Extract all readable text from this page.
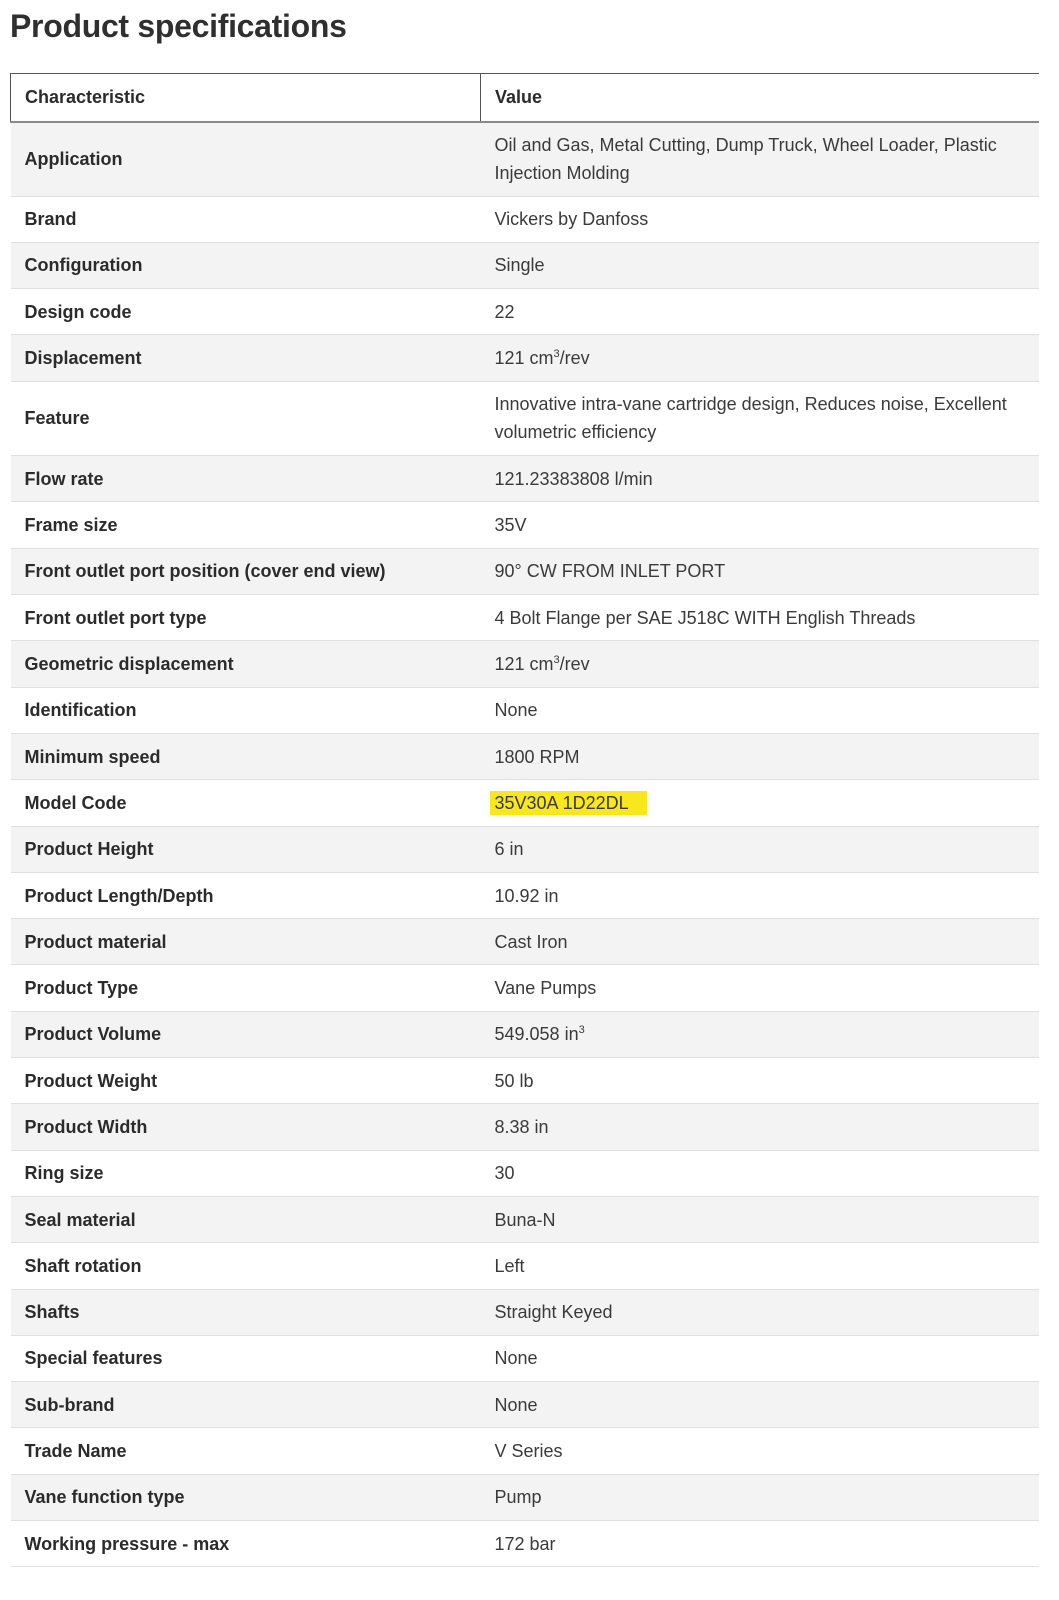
Product specifications
Characteristic	Value
Application	Oil and Gas, Metal Cutting, Dump Truck, Wheel Loader, Plastic Injection Molding
Brand	Vickers by Danfoss
Configuration	Single
Design code	22
Displacement	121 $cm^3$/rev
Feature	Innovative intra-vane cartridge design, Reduces noise, Excellent volumetric efficiency
Flow rate	121.23383808 l/min
Frame size	35V
Front outlet port position (cover end view)	90° CW FROM INLET PORT
Front outlet port type	4 Bolt Flange per SAE J518C WITH English Threads
Geometric displacement	121 $cm^3$/rev
Identification	None
Minimum speed	1800 RPM
Model Code	35V30A 1D22DL
Product Height	6 in
Product Length/Depth	10.92 in
Product material	Cast Iron
Product Type	Vane Pumps
Product Volume	549.058 $in^3$
Product Weight	50 lb
Product Width	8.38 in
Ring size	30
Seal material	Buna-N
Shaft rotation	Left
Shafts	Straight Keyed
Special features	None
Sub-brand	None
Trade Name	V Series
Vane function type	Pump
Working pressure - max	172 bar
